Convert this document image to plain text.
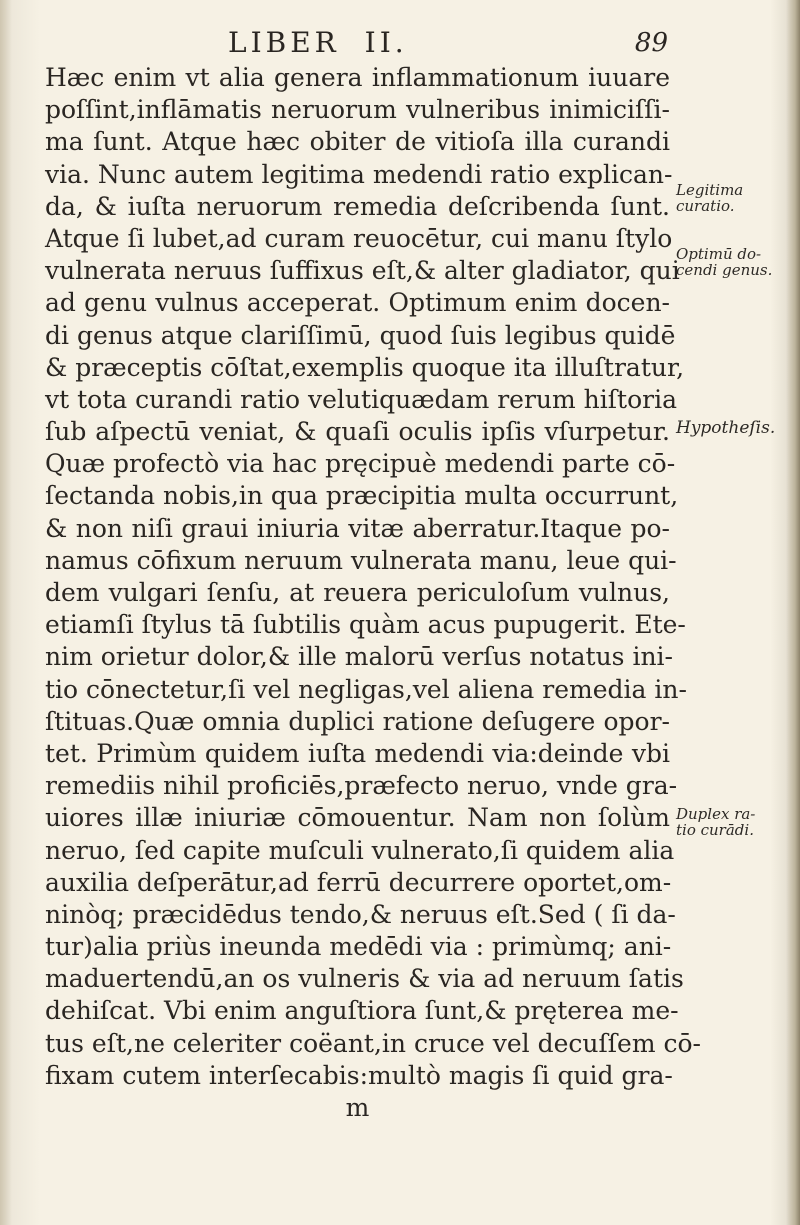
LIBER II.	89
Hæc enim vt alia genera inflammationum iuuare
poſſint,inflāmatis neruorum vulneribus inimiciſſi-
ma ſunt. Atque hæc obiter de vitioſa illa curandi
via. Nunc autem legitima medendi ratio explican-
da, & iuſta neruorum remedia deſcribenda ſunt.
Atque ſi lubet,ad curam reuocētur, cui manu ſtylo
vulnerata neruus ſuffixus eſt,& alter gladiator, qui
ad genu vulnus acceperat. Optimum enim docen-
di genus atque clariſſimū, quod ſuis legibus quidē
& præceptis cōſtat,exemplis quoque ita illuſtratur,
vt tota curandi ratio velutiquædam rerum hiſtoria
ſub aſpectū veniat, & quaſi oculis ipſis vſurpetur.
Quæ profectò via hac pręcipuè medendi parte cō-
ſectanda nobis,in qua præcipitia multa occurrunt,
& non niſi graui iniuria vitæ aberratur.Itaque po-
namus cōfixum neruum vulnerata manu, leue qui-
dem vulgari ſenſu, at reuera periculoſum vulnus,
etiamſi ſtylus tā ſubtilis quàm acus pupugerit. Ete-
nim orietur dolor,& ille malorū verſus notatus ini-
tio cōnectetur,ſi vel negligas,vel aliena remedia in-
ſtituas.Quæ omnia duplici ratione deſugere opor-
tet. Primùm quidem iuſta medendi via:deinde vbi
remediis nihil proficiēs,præfecto neruo, vnde gra-
uiores illæ iniuriæ cōmouentur. Nam non ſolùm
neruo, ſed capite muſculi vulnerato,ſi quidem alia
auxilia deſperātur,ad ferrū decurrere oportet,om-
ninòq; præcidēdus tendo,& neruus eſt.Sed ( ſi da-
tur)alia priùs ineunda medēdi via : primùmq; ani-
maduertendū,an os vulneris & via ad neruum ſatis
dehiſcat. Vbi enim anguſtiora ſunt,& pręterea me-
tus eſt,ne celeriter coëant,in cruce vel decuſſem cō-
fixam cutem interſecabis:multò magis ſi quid gra-
m
Legitima
curatio.
Optimū do-
cendi genus.
Hypotheſis.
Duplex ra-
tio curādi.
